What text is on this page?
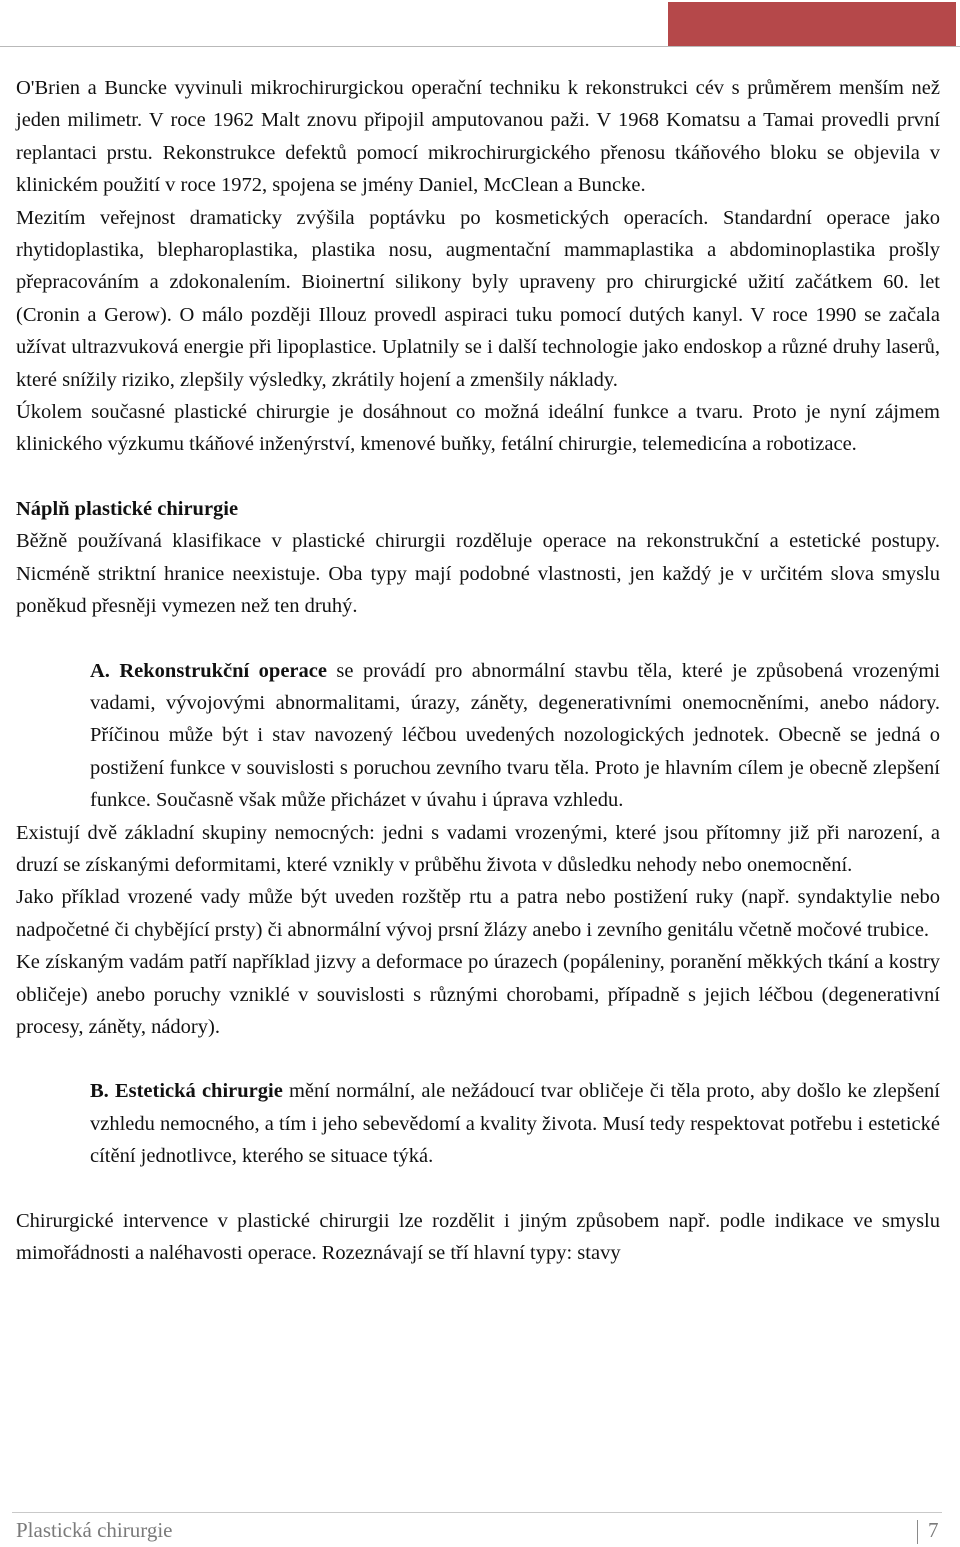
O'Brien a Buncke vyvinuli mikrochirurgickou operační techniku k rekonstrukci cév s průměrem menším než jeden milimetr. V roce 1962 Malt znovu připojil amputovanou paži. V 1968 Komatsu a Tamai provedli první replantaci prstu. Rekonstrukce defektů pomocí mikrochirurgického přenosu tkáňového bloku se objevila v klinickém použití v roce 1972, spojena se jmény Daniel, McClean a Buncke.

Mezitím veřejnost dramaticky zvýšila poptávku po kosmetických operacích. Standardní operace jako rhytidoplastika, blepharoplastika, plastika nosu, augmentační mammaplastika a abdominoplastika prošly přepracováním a zdokonalením. Bioinertní silikony byly upraveny pro chirurgické užití začátkem 60. let (Cronin a Gerow). O málo později Illouz provedl aspiraci tuku pomocí dutých kanyl. V roce 1990 se začala užívat ultrazvuková energie při lipoplastice. Uplatnily se i další technologie jako endoskop a různé druhy laserů, které snížily riziko, zlepšily výsledky, zkrátily hojení a zmenšily náklady.

Úkolem současné plastické chirurgie je dosáhnout co možná ideální funkce a tvaru. Proto je nyní zájmem klinického výzkumu tkáňové inženýrství, kmenové buňky, fetální chirurgie, telemedicína a robotizace.

Náplň plastické chirurgie

Běžně používaná klasifikace v plastické chirurgii rozděluje operace na rekonstrukční a estetické postupy. Nicméně striktní hranice neexistuje. Oba typy mají podobné vlastnosti, jen každý je v určitém slova smyslu poněkud přesněji vymezen než ten druhý.

A. Rekonstrukční operace se provádí pro abnormální stavbu těla, které je způsobená vrozenými vadami, vývojovými abnormalitami, úrazy, záněty, degenerativními onemocněními, anebo nádory. Příčinou může být i stav navozený léčbou uvedených nozologických jednotek. Obecně se jedná o postižení funkce v souvislosti s poruchou zevního tvaru těla. Proto je hlavním cílem je obecně zlepšení funkce. Současně však může přicházet v úvahu i úprava vzhledu.

Existují dvě základní skupiny nemocných: jedni s vadami vrozenými, které jsou přítomny již při narození, a druzí se získanými deformitami, které vznikly v průběhu života v důsledku nehody nebo onemocnění.

Jako příklad vrozené vady může být uveden rozštěp rtu a patra nebo postižení ruky (např. syndaktylie nebo nadpočetné či chybějící prsty) či abnormální vývoj prsní žlázy anebo i zevního genitálu včetně močové trubice.

Ke získaným vadám patří například jizvy a deformace po úrazech (popáleniny, poranění měkkých tkání a kostry obličeje) anebo poruchy vzniklé v souvislosti s různými chorobami, případně s jejich léčbou (degenerativní procesy, záněty, nádory).

B. Estetická chirurgie mění normální, ale nežádoucí tvar obličeje či těla proto, aby došlo ke zlepšení vzhledu nemocného, a tím i jeho sebevědomí a kvality života. Musí tedy respektovat potřebu i estetické cítění jednotlivce, kterého se situace týká.

Chirurgické intervence v plastické chirurgii lze rozdělit i jiným způsobem např. podle indikace ve smyslu mimořádnosti a naléhavosti operace. Rozeznávají se tří hlavní typy: stavy

Plastická chirurgie	7
